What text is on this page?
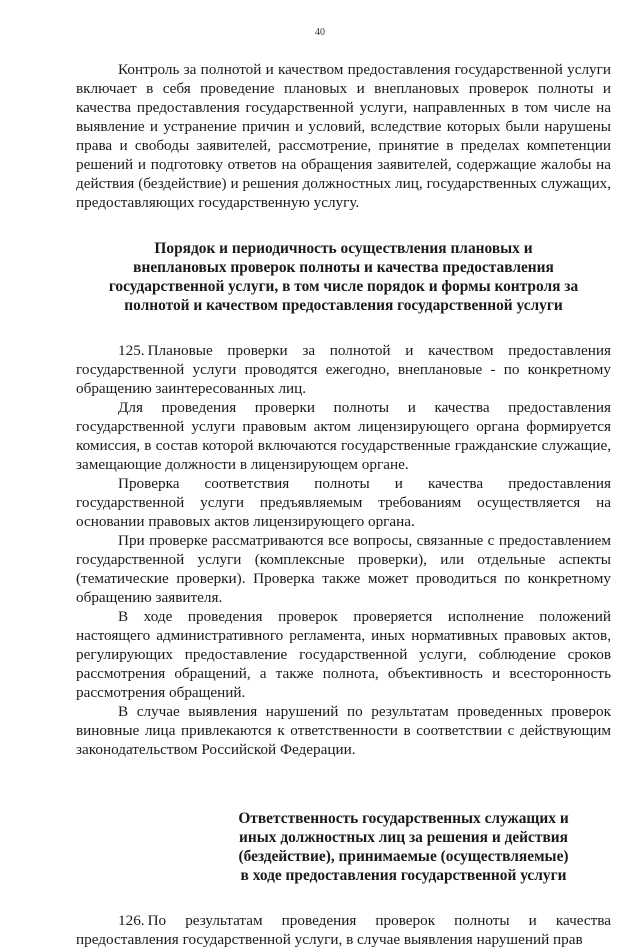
40

Контроль за полнотой и качеством предоставления государственной услуги включает в себя проведение плановых и внеплановых проверок полноты и качества предоставления государственной услуги, направленных в том числе на выявление и устранение причин и условий, вследствие которых были нарушены права и свободы заявителей, рассмотрение, принятие в пределах компетенции решений и подготовку ответов на обращения заявителей, содержащие жалобы на действия (бездействие) и решения должностных лиц, государственных служащих, предоставляющих государственную услугу.

Порядок и периодичность осуществления плановых и
внеплановых проверок полноты и качества предоставления
государственной услуги, в том числе порядок и формы контроля за
полнотой и качеством предоставления государственной услуги

125. Плановые проверки за полнотой и качеством предоставления государственной услуги проводятся ежегодно, внеплановые - по конкретному обращению заинтересованных лиц.

Для проведения проверки полноты и качества предоставления государственной услуги правовым актом лицензирующего органа формируется комиссия, в состав которой включаются государственные гражданские служащие, замещающие должности в лицензирующем органе.

Проверка соответствия полноты и качества предоставления государственной услуги предъявляемым требованиям осуществляется на основании правовых актов лицензирующего органа.

При проверке рассматриваются все вопросы, связанные с предоставлением государственной услуги (комплексные проверки), или отдельные аспекты (тематические проверки). Проверка также может проводиться по конкретному обращению заявителя.

В ходе проведения проверок проверяется исполнение положений настоящего административного регламента, иных нормативных правовых актов, регулирующих предоставление государственной услуги, соблюдение сроков рассмотрения обращений, а также полнота, объективность и всесторонность рассмотрения обращений.

В случае выявления нарушений по результатам проведенных проверок виновные лица привлекаются к ответственности в соответствии с действующим законодательством Российской Федерации.

Ответственность государственных служащих и
иных должностных лиц за решения и действия
(бездействие), принимаемые (осуществляемые)
в ходе предоставления государственной услуги

126. По результатам проведения проверок полноты и качества предоставления государственной услуги, в случае выявления нарушений прав
